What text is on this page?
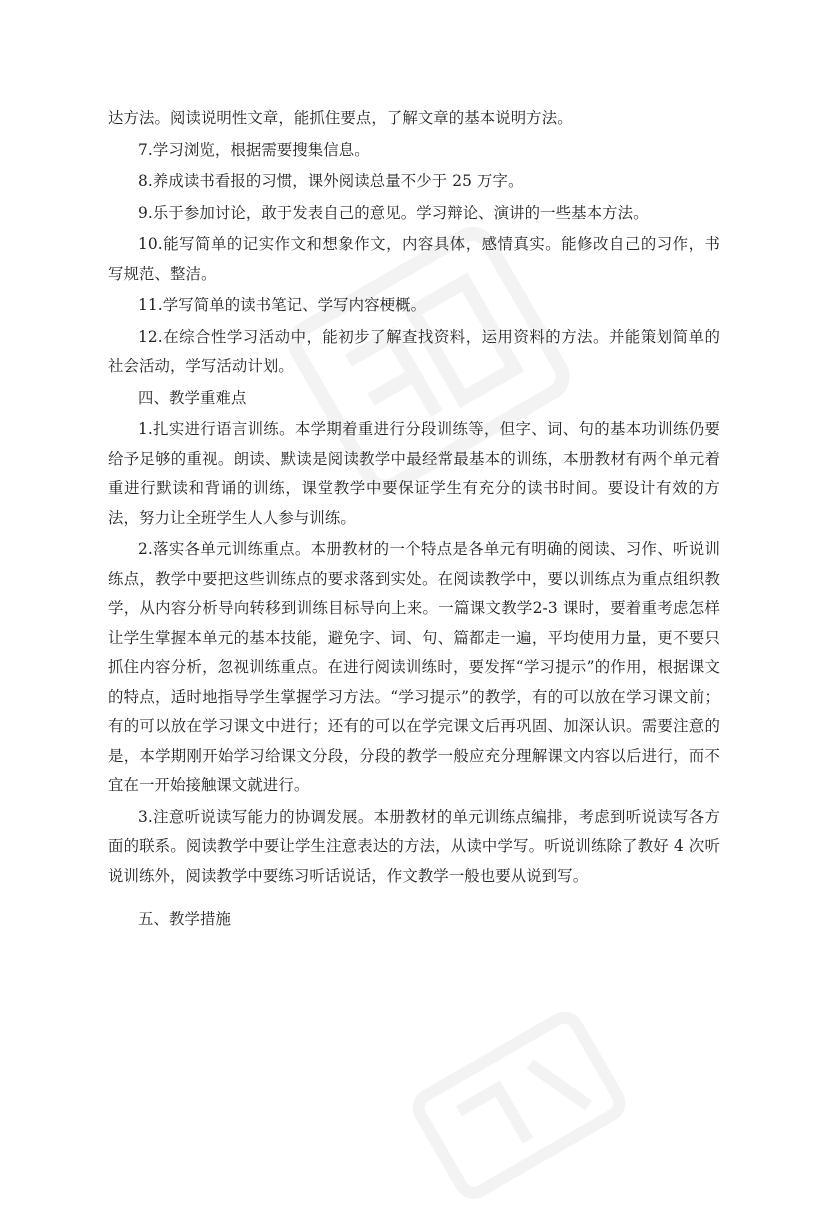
达方法。阅读说明性文章，能抓住要点，了解文章的基本说明方法。

7.学习浏览，根据需要搜集信息。

8.养成读书看报的习惯，课外阅读总量不少于 25 万字。

9.乐于参加讨论，敢于发表自己的意见。学习辩论、演讲的一些基本方法。

10.能写简单的记实作文和想象作文，内容具体，感情真实。能修改自己的习作，书写规范、整洁。

11.学写简单的读书笔记、学写内容梗概。

12.在综合性学习活动中，能初步了解查找资料，运用资料的方法。并能策划简单的社会活动，学写活动计划。

四、教学重难点

1.扎实进行语言训练。本学期着重进行分段训练等，但字、词、句的基本功训练仍要给予足够的重视。朗读、默读是阅读教学中最经常最基本的训练，本册教材有两个单元着重进行默读和背诵的训练，课堂教学中要保证学生有充分的读书时间。要设计有效的方法，努力让全班学生人人参与训练。

2.落实各单元训练重点。本册教材的一个特点是各单元有明确的阅读、习作、听说训练点，教学中要把这些训练点的要求落到实处。在阅读教学中，要以训练点为重点组织教学，从内容分析导向转移到训练目标导向上来。一篇课文教学2-3 课时，要着重考虑怎样让学生掌握本单元的基本技能，避免字、词、句、篇都走一遍，平均使用力量，更不要只抓住内容分析，忽视训练重点。在进行阅读训练时，要发挥“学习提示”的作用，根据课文的特点，适时地指导学生掌握学习方法。“学习提示”的教学，有的可以放在学习课文前；有的可以放在学习课文中进行；还有的可以在学完课文后再巩固、加深认识。需要注意的是，本学期刚开始学习给课文分段，分段的教学一般应充分理解课文内容以后进行，而不宜在一开始接触课文就进行。

3.注意听说读写能力的协调发展。本册教材的单元训练点编排，考虑到听说读写各方面的联系。阅读教学中要让学生注意表达的方法，从读中学写。听说训练除了教好 4 次听说训练外，阅读教学中要练习听话说话，作文教学一般也要从说到写。

五、教学措施
